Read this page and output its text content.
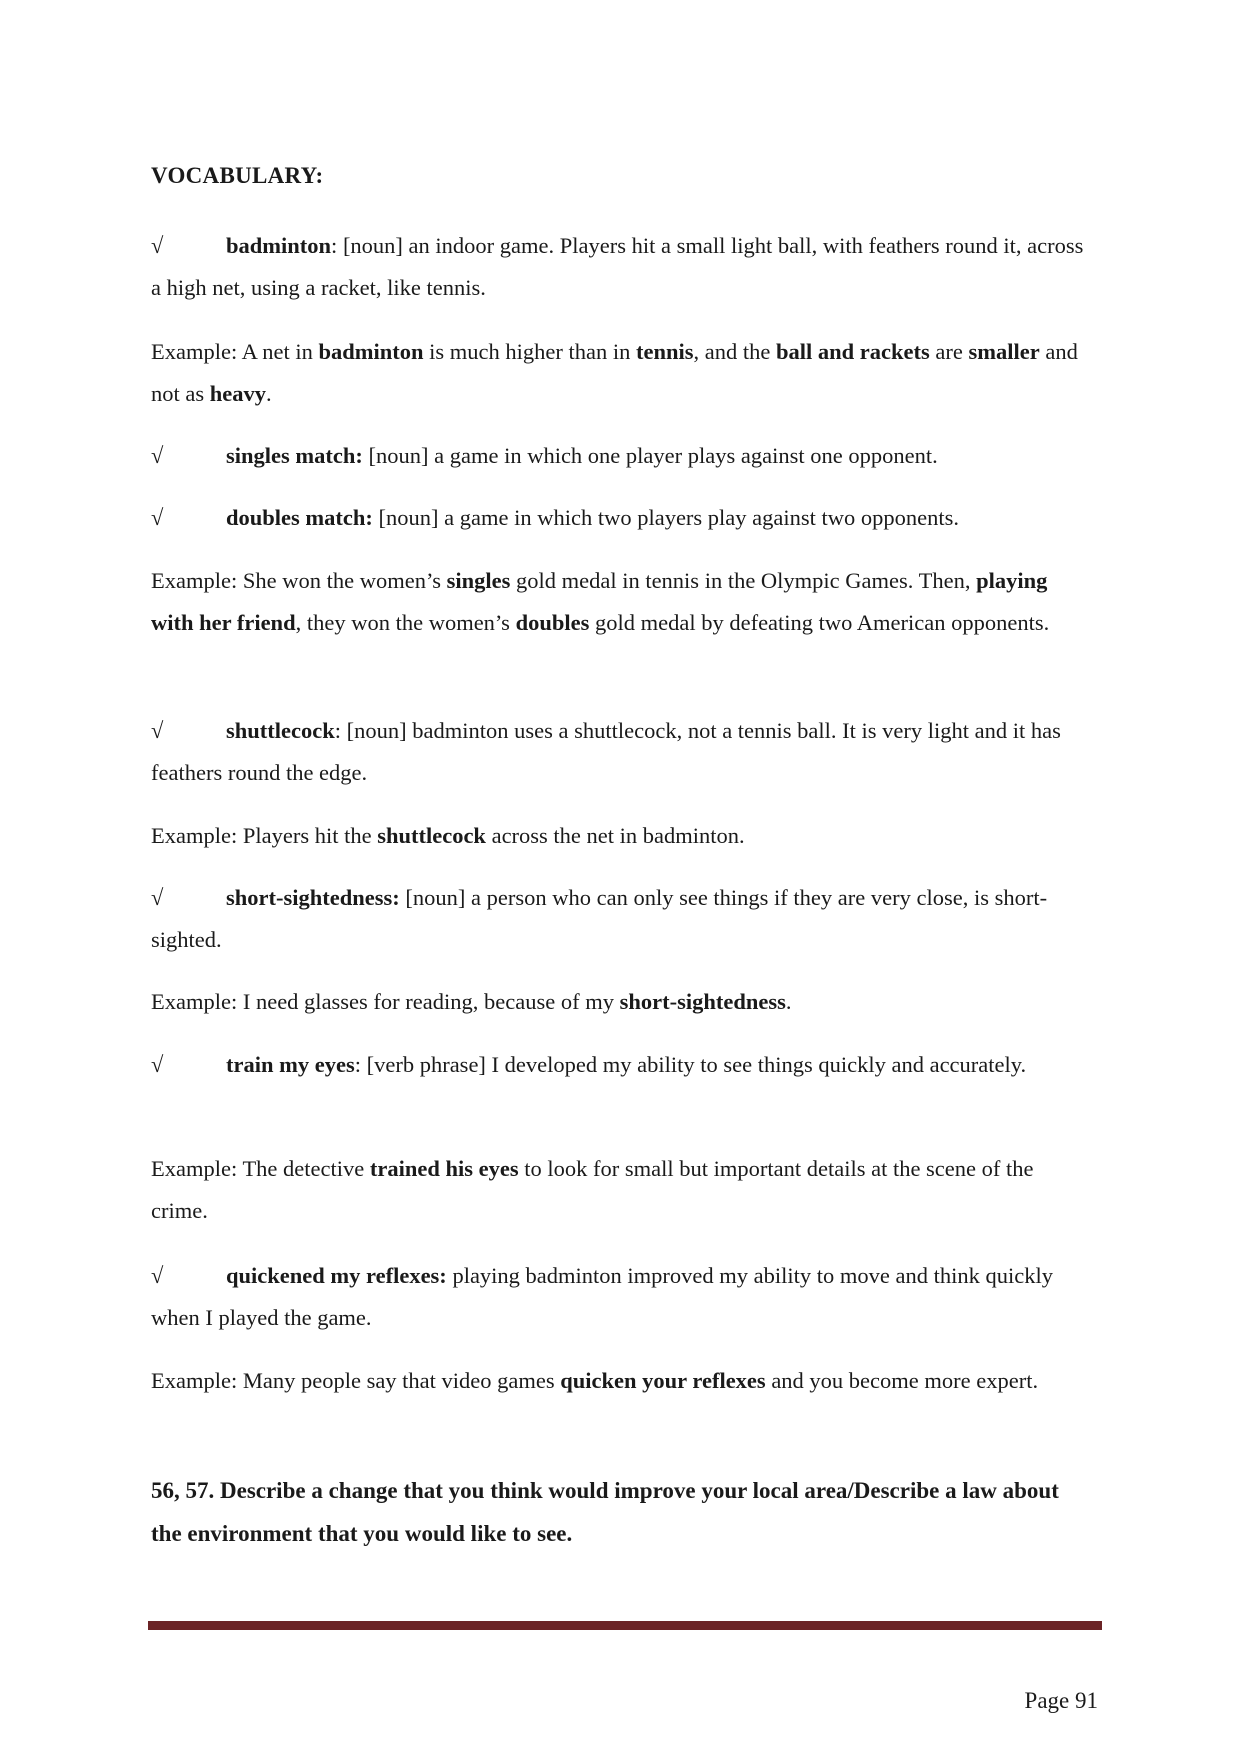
VOCABULARY:
√	badminton: [noun] an indoor game. Players hit a small light ball, with feathers round it, across a high net, using a racket, like tennis.
Example: A net in badminton is much higher than in tennis, and the ball and rackets are smaller and not as heavy.
√	singles match: [noun] a game in which one player plays against one opponent.
√	doubles match: [noun] a game in which two players play against two opponents.
Example: She won the women’s singles gold medal in tennis in the Olympic Games. Then, playing with her friend, they won the women’s doubles gold medal by defeating two American opponents.
√	shuttlecock: [noun] badminton uses a shuttlecock, not a tennis ball. It is very light and it has feathers round the edge.
Example: Players hit the shuttlecock across the net in badminton.
√	short-sightedness: [noun] a person who can only see things if they are very close, is short-sighted.
Example: I need glasses for reading, because of my short-sightedness.
√	train my eyes: [verb phrase] I developed my ability to see things quickly and accurately.
Example: The detective trained his eyes to look for small but important details at the scene of the crime.
√	quickened my reflexes: playing badminton improved my ability to move and think quickly when I played the game.
Example: Many people say that video games quicken your reflexes and you become more expert.
56, 57. Describe a change that you think would improve your local area/Describe a law about the environment that you would like to see.
Page 91
